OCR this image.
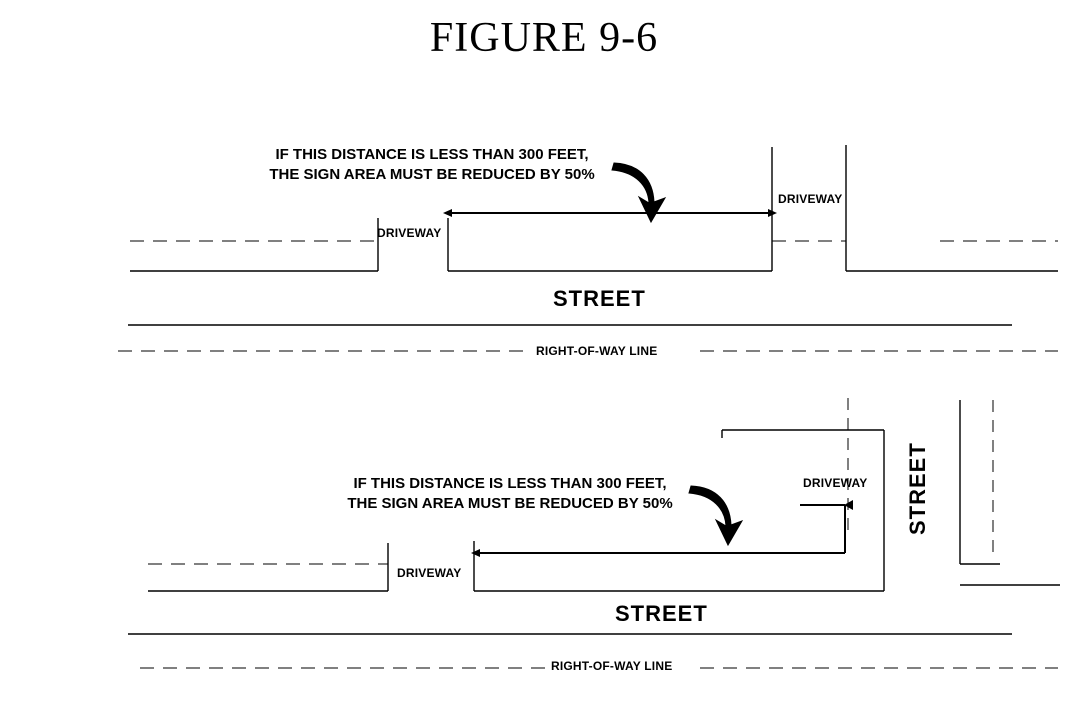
FIGURE 9-6
IF THIS DISTANCE IS LESS THAN 300 FEET,
THE SIGN AREA MUST BE REDUCED BY 50%
DRIVEWAY
DRIVEWAY
STREET
RIGHT-OF-WAY LINE
IF THIS DISTANCE IS LESS THAN 300 FEET,
THE SIGN AREA MUST BE REDUCED BY 50%
DRIVEWAY
DRIVEWAY
STREET
STREET
RIGHT-OF-WAY LINE
